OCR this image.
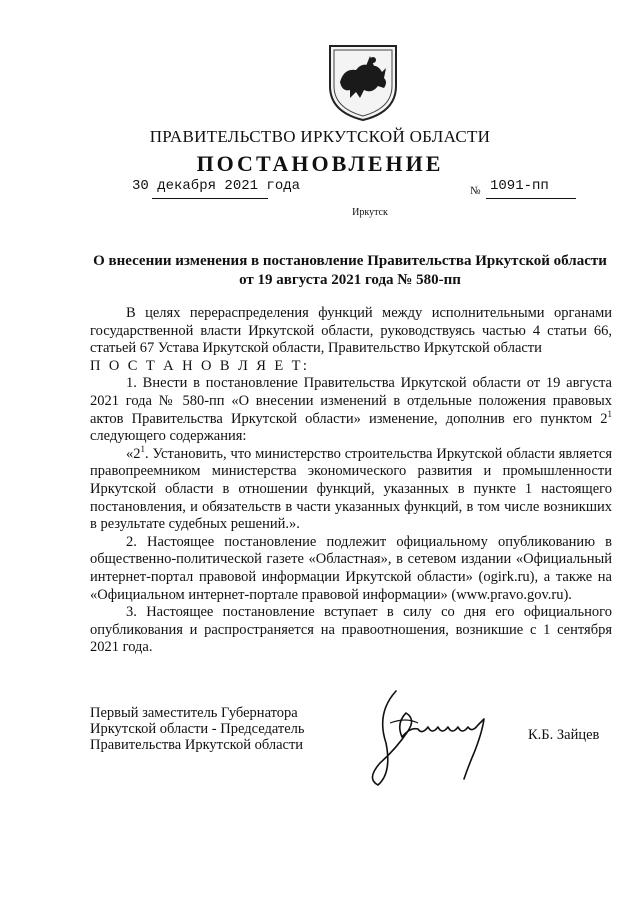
ПРАВИТЕЛЬСТВО ИРКУТСКОЙ ОБЛАСТИ
ПОСТАНОВЛЕНИЕ
30 декабря 2021 года	№ 1091-пп
Иркутск
О внесении изменения в постановление Правительства Иркутской области от 19 августа 2021 года № 580-пп

В целях перераспределения функций между исполнительными органами государственной власти Иркутской области, руководствуясь частью 4 статьи 66, статьей 67 Устава Иркутской области, Правительство Иркутской области

П О С Т А Н О В Л Я Е Т:

1. Внести в постановление Правительства Иркутской области от 19 августа 2021 года № 580-пп «О внесении изменений в отдельные положения правовых актов Правительства Иркутской области» изменение, дополнив его пунктом $2^1$ следующего содержания:

«$2^1$. Установить, что министерство строительства Иркутской области является правопреемником министерства экономического развития и промышленности Иркутской области в отношении функций, указанных в пункте 1 настоящего постановления, и обязательств в части указанных функций, в том числе возникших в результате судебных решений.».

2. Настоящее постановление подлежит официальному опубликованию в общественно-политической газете «Областная», в сетевом издании «Официальный интернет-портал правовой информации Иркутской области» (ogirk.ru), а также на «Официальном интернет-портале правовой информации» (www.pravo.gov.ru).

3. Настоящее постановление вступает в силу со дня его официального опубликования и распространяется на правоотношения, возникшие с 1 сентября 2021 года.

Первый заместитель Губернатора
Иркутской области - Председатель
Правительства Иркутской области
К.Б. Зайцев
